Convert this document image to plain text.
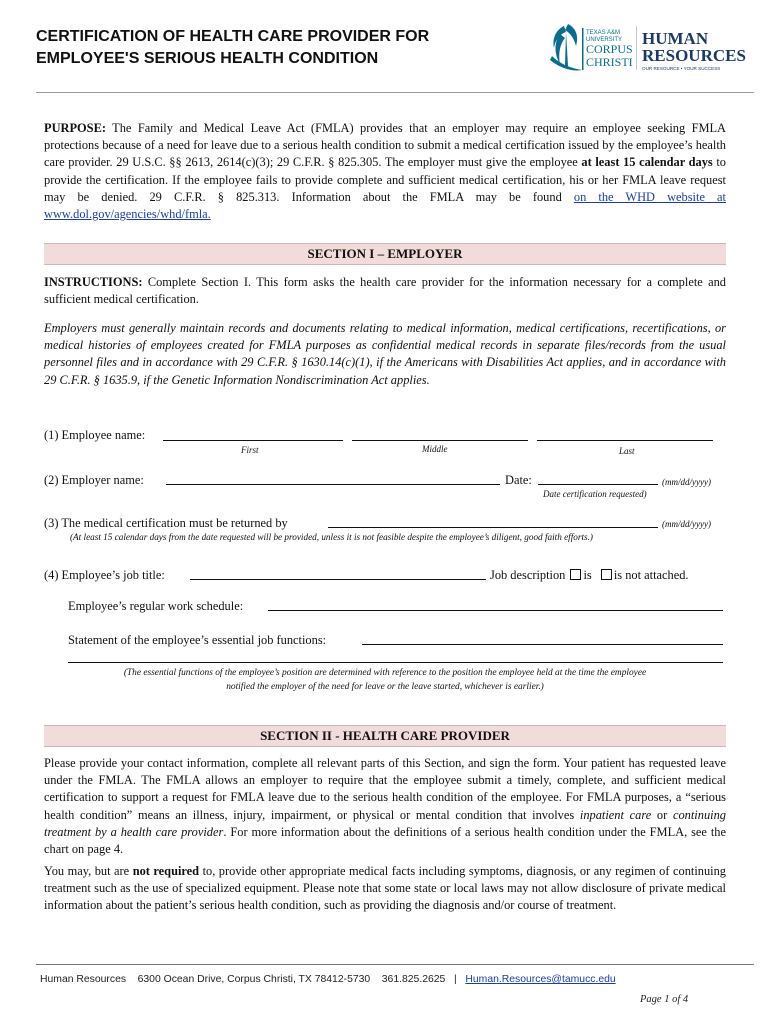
CERTIFICATION OF HEALTH CARE PROVIDER FOR
EMPLOYEE'S SERIOUS HEALTH CONDITION
TEXAS A&M
UNIVERSITY
CORPUS
CHRISTI
HUMAN
RESOURCES
OUR RESOURCE • YOUR SUCCESS
PURPOSE: The Family and Medical Leave Act (FMLA) provides that an employer may require an employee seeking FMLA protections because of a need for leave due to a serious health condition to submit a medical certification issued by the employee’s health care provider. 29 U.S.C. §§ 2613, 2614(c)(3); 29 C.F.R. § 825.305. The employer must give the employee at least 15 calendar days to provide the certification. If the employee fails to provide complete and sufficient medical certification, his or her FMLA leave request may be denied. 29 C.F.R. § 825.313. Information about the FMLA may be found on the WHD website at www.dol.gov/agencies/whd/fmla.
SECTION I – EMPLOYER
INSTRUCTIONS: Complete Section I. This form asks the health care provider for the information necessary for a complete and sufficient medical certification.
Employers must generally maintain records and documents relating to medical information, medical certifications, recertifications, or medical histories of employees created for FMLA purposes as confidential medical records in separate files/records from the usual personnel files and in accordance with 29 C.F.R. § 1630.14(c)(1), if the Americans with Disabilities Act applies, and in accordance with 29 C.F.R. § 1635.9, if the Genetic Information Nondiscrimination Act applies.
(1) Employee name:
First	Middle	Last
(2) Employer name:	Date:	(mm/dd/yyyy)
Date certification requested)
(3) The medical certification must be returned by	(mm/dd/yyyy)
(At least 15 calendar days from the date requested will be provided, unless it is not feasible despite the employee’s diligent, good faith efforts.)
(4) Employee’s job title:	Job description is is not attached.
Employee’s regular work schedule:
Statement of the employee’s essential job functions:
(The essential functions of the employee’s position are determined with reference to the position the employee held at the time the employee
notified the employer of the need for leave or the leave started, whichever is earlier.)
SECTION II - HEALTH CARE PROVIDER
Please provide your contact information, complete all relevant parts of this Section, and sign the form. Your patient has requested leave under the FMLA. The FMLA allows an employer to require that the employee submit a timely, complete, and sufficient medical certification to support a request for FMLA leave due to the serious health condition of the employee. For FMLA purposes, a “serious health condition” means an illness, injury, impairment, or physical or mental condition that involves inpatient care or continuing treatment by a health care provider. For more information about the definitions of a serious health condition under the FMLA, see the chart on page 4.
You may, but are not required to, provide other appropriate medical facts including symptoms, diagnosis, or any regimen of continuing treatment such as the use of specialized equipment. Please note that some state or local laws may not allow disclosure of private medical information about the patient’s serious health condition, such as providing the diagnosis and/or course of treatment.
Human Resources 6300 Ocean Drive, Corpus Christi, TX 78412-5730 361.825.2625 | Human.Resources@tamucc.edu
Page 1 of 4
